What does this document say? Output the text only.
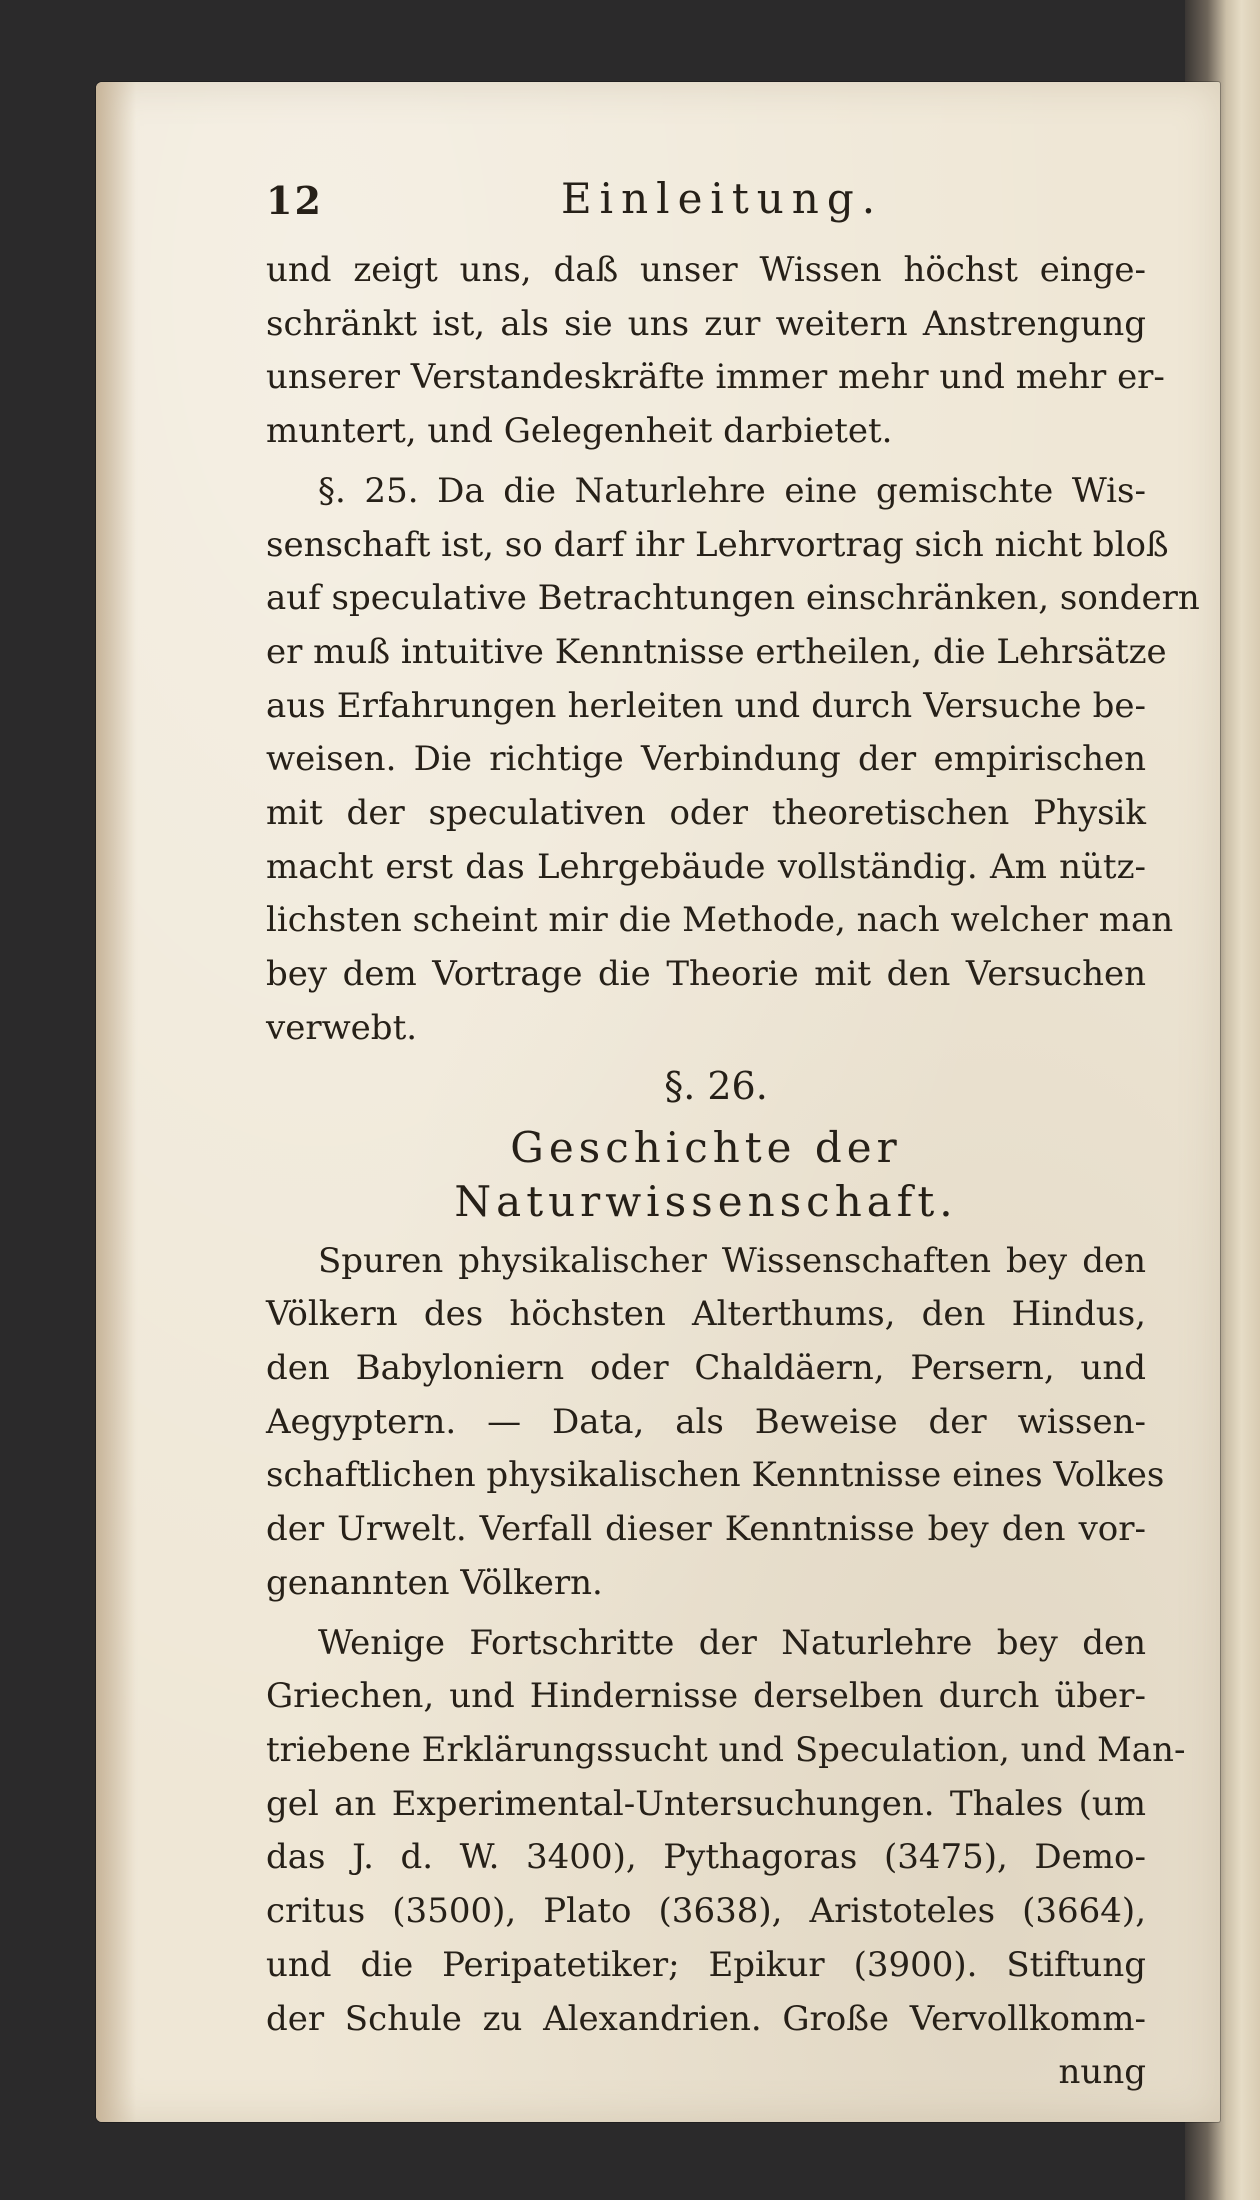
12	Einleitung.
und zeigt uns, daß unser Wissen höchst einge-
schränkt ist, als sie uns zur weitern Anstrengung
unserer Verstandeskräfte immer mehr und mehr er-
muntert, und Gelegenheit darbietet.
§. 25. Da die Naturlehre eine gemischte Wis-
senschaft ist, so darf ihr Lehrvortrag sich nicht bloß
auf speculative Betrachtungen einschränken, sondern
er muß intuitive Kenntnisse ertheilen, die Lehrsätze
aus Erfahrungen herleiten und durch Versuche be-
weisen. Die richtige Verbindung der empirischen
mit der speculativen oder theoretischen Physik
macht erst das Lehrgebäude vollständig. Am nütz-
lichsten scheint mir die Methode, nach welcher man
bey dem Vortrage die Theorie mit den Versuchen
verwebt.
§. 26.
Geschichte der Naturwissenschaft.
Spuren physikalischer Wissenschaften bey den
Völkern des höchsten Alterthums, den Hindus,
den Babyloniern oder Chaldäern, Persern, und
Aegyptern. — Data, als Beweise der wissen-
schaftlichen physikalischen Kenntnisse eines Volkes
der Urwelt. Verfall dieser Kenntnisse bey den vor-
genannten Völkern.
Wenige Fortschritte der Naturlehre bey den
Griechen, und Hindernisse derselben durch über-
triebene Erklärungssucht und Speculation, und Man-
gel an Experimental-Untersuchungen. Thales (um
das J. d. W. 3400), Pythagoras (3475), Demo-
critus (3500), Plato (3638), Aristoteles (3664),
und die Peripatetiker; Epikur (3900). Stiftung
der Schule zu Alexandrien. Große Vervollkomm-
nung
